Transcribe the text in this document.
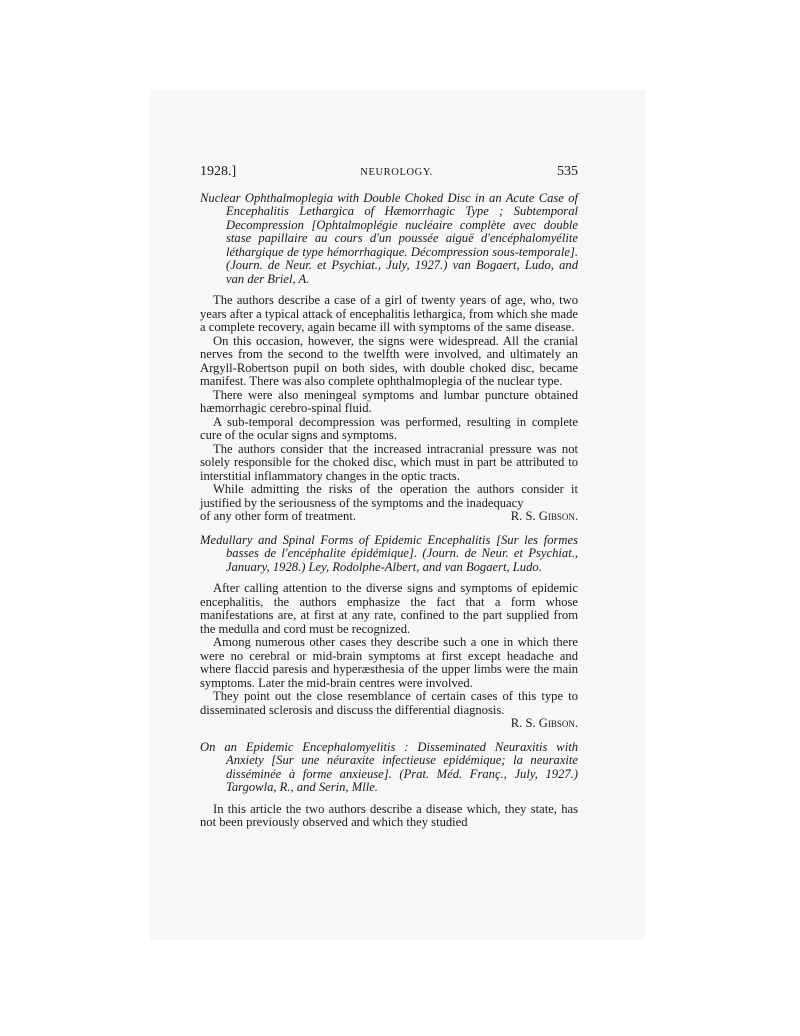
1928.]	NEUROLOGY.	535

Nuclear Ophthalmoplegia with Double Choked Disc in an Acute Case of Encephalitis Lethargica of Hæmorrhagic Type ; Subtemporal Decompression [Ophtalmoplégie nucléaire complète avec double stase papillaire au cours d'un poussée aiguë d'encéphalomyélite léthargique de type hémorrhagique. Décompression sous-temporale]. (Journ. de Neur. et Psychiat., July, 1927.) van Bogaert, Ludo, and van der Briel, A.

The authors describe a case of a girl of twenty years of age, who, two years after a typical attack of encephalitis lethargica, from which she made a complete recovery, again became ill with symptoms of the same disease.

On this occasion, however, the signs were widespread. All the cranial nerves from the second to the twelfth were involved, and ultimately an Argyll-Robertson pupil on both sides, with double choked disc, became manifest. There was also complete ophthalmoplegia of the nuclear type.

There were also meningeal symptoms and lumbar puncture obtained hæmorrhagic cerebro-spinal fluid.

A sub-temporal decompression was performed, resulting in complete cure of the ocular signs and symptoms.

The authors consider that the increased intracranial pressure was not solely responsible for the choked disc, which must in part be attributed to interstitial inflammatory changes in the optic tracts.

While admitting the risks of the operation the authors consider it justified by the seriousness of the symptoms and the inadequacy

of any other form of treatment.	R. S. Gibson.

Medullary and Spinal Forms of Epidemic Encephalitis [Sur les formes basses de l'encéphalite épidémique]. (Journ. de Neur. et Psychiat., January, 1928.) Ley, Rodolphe-Albert, and van Bogaert, Ludo.

After calling attention to the diverse signs and symptoms of epidemic encephalitis, the authors emphasize the fact that a form whose manifestations are, at first at any rate, confined to the part supplied from the medulla and cord must be recognized.

Among numerous other cases they describe such a one in which there were no cerebral or mid-brain symptoms at first except headache and where flaccid paresis and hyperæsthesia of the upper limbs were the main symptoms. Later the mid-brain centres were involved.

They point out the close resemblance of certain cases of this type to disseminated sclerosis and discuss the differential diagnosis.

R. S. Gibson.

On an Epidemic Encephalomyelitis : Disseminated Neuraxitis with Anxiety [Sur une néuraxite infectieuse epidémique; la neuraxite disséminée à forme anxieuse]. (Prat. Méd. Franç., July, 1927.) Targowla, R., and Serin, Mlle.

In this article the two authors describe a disease which, they state, has not been previously observed and which they studied
